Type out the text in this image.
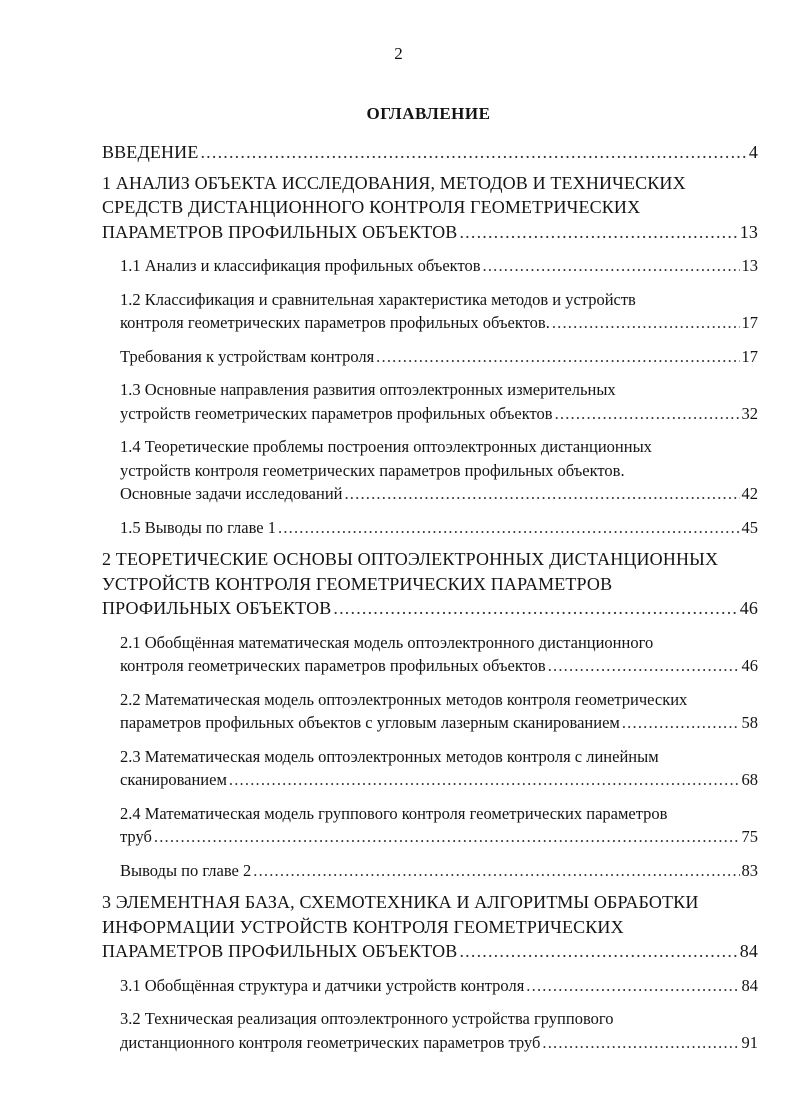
2
ОГЛАВЛЕНИЕ
ВВЕДЕНИЕ .....	4
1 АНАЛИЗ ОБЪЕКТА ИССЛЕДОВАНИЯ, МЕТОДОВ И ТЕХНИЧЕСКИХ
СРЕДСТВ ДИСТАНЦИОННОГО КОНТРОЛЯ ГЕОМЕТРИЧЕСКИХ
ПАРАМЕТРОВ ПРОФИЛЬНЫХ ОБЪЕКТОВ .....	13
1.1 Анализ и классификация профильных объектов .....	13
1.2 Классификация и сравнительная характеристика методов и устройств
контроля геометрических параметров профильных объектов. .....	17
Требования к устройствам контроля .....	17
1.3 Основные направления развития оптоэлектронных измерительных
устройств геометрических параметров профильных объектов .....	32
1.4 Теоретические проблемы построения оптоэлектронных дистанционных
устройств контроля геометрических параметров профильных объектов.
Основные задачи исследований .....	42
1.5 Выводы по главе 1 .....	45
2 ТЕОРЕТИЧЕСКИЕ ОСНОВЫ ОПТОЭЛЕКТРОННЫХ ДИСТАНЦИОННЫХ
УСТРОЙСТВ КОНТРОЛЯ ГЕОМЕТРИЧЕСКИХ ПАРАМЕТРОВ
ПРОФИЛЬНЫХ ОБЪЕКТОВ .....	46
2.1 Обобщённая математическая модель оптоэлектронного дистанционного
контроля геометрических параметров профильных объектов .....	46
2.2 Математическая модель оптоэлектронных методов контроля геометрических
параметров профильных объектов с угловым лазерным сканированием .....	58
2.3 Математическая модель оптоэлектронных методов контроля с линейным
сканированием .....	68
2.4 Математическая модель группового контроля геометрических параметров
труб .....	75
Выводы по главе 2 .....	83
3 ЭЛЕМЕНТНАЯ БАЗА, СХЕМОТЕХНИКА И АЛГОРИТМЫ ОБРАБОТКИ
ИНФОРМАЦИИ УСТРОЙСТВ КОНТРОЛЯ ГЕОМЕТРИЧЕСКИХ
ПАРАМЕТРОВ ПРОФИЛЬНЫХ ОБЪЕКТОВ .....	84
3.1 Обобщённая структура и датчики устройств контроля .....	84
3.2 Техническая реализация оптоэлектронного устройства группового
дистанционного контроля геометрических параметров труб .....	91
